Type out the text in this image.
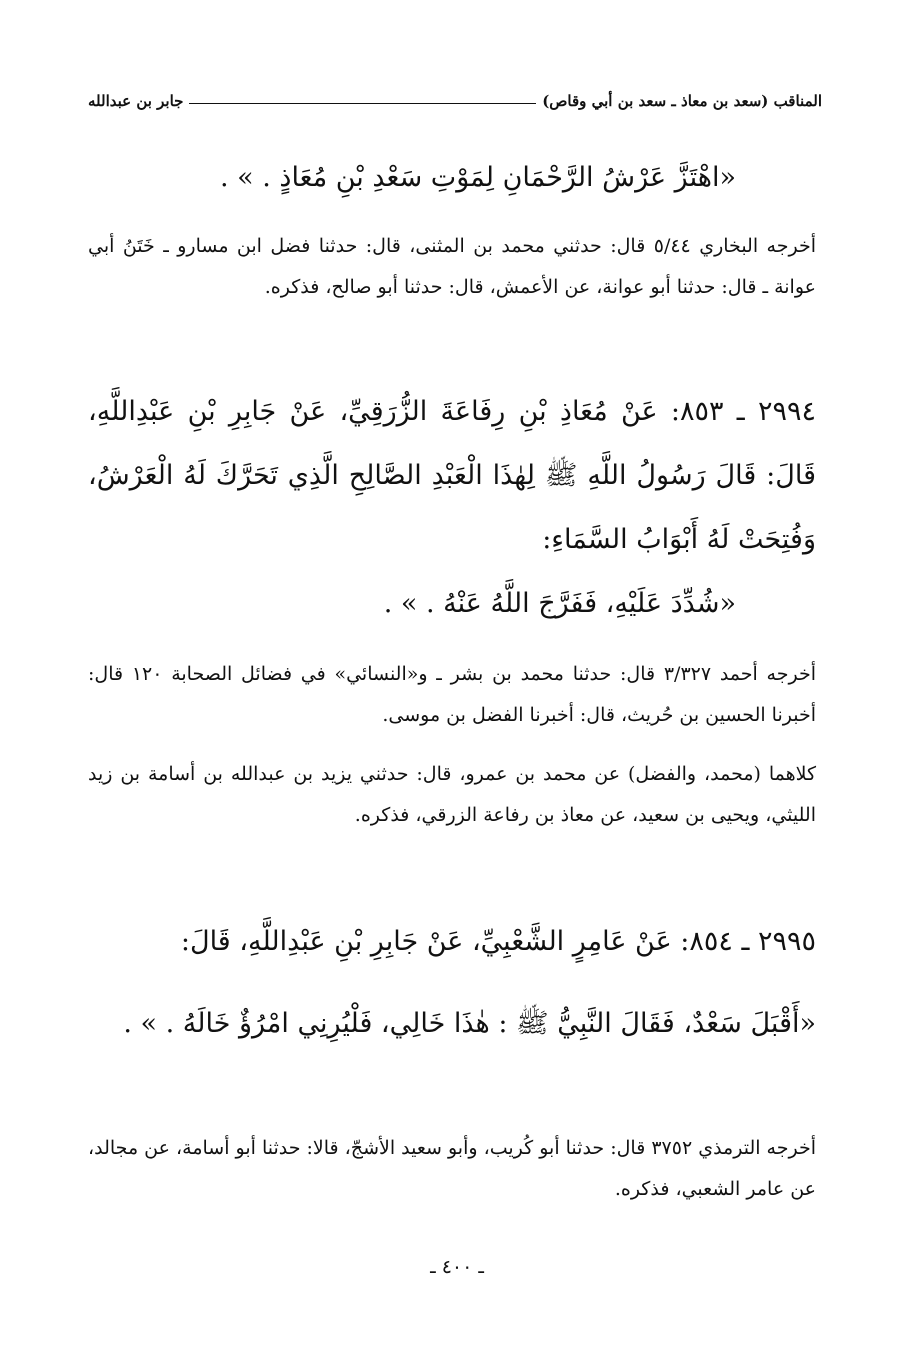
المناقب (سعد بن معاذ ـ سعد بن أبي وقاص)
جابر بن عبدالله
«اهْتَزَّ عَرْشُ الرَّحْمَانِ لِمَوْتِ سَعْدِ بْنِ مُعَاذٍ . » .
أخرجه البخاري ٥/٤٤ قال: حدثني محمد بن المثنى، قال: حدثنا فضل ابن مسارو ـ خَتَنُ أبي عوانة ـ قال: حدثنا أبو عوانة، عن الأعمش، قال: حدثنا أبو صالح، فذكره.
٢٩٩٤ ـ ٨٥٣: عَنْ مُعَاذِ بْنِ رِفَاعَةَ الزُّرَقِيِّ، عَنْ جَابِرِ بْنِ عَبْدِاللَّهِ، قَالَ: قَالَ رَسُولُ اللَّهِ ﷺ لِهٰذَا الْعَبْدِ الصَّالِحِ الَّذِي تَحَرَّكَ لَهُ الْعَرْشُ، وَفُتِحَتْ لَهُ أَبْوَابُ السَّمَاءِ:
«شُدِّدَ عَلَيْهِ، فَفَرَّجَ اللَّهُ عَنْهُ . » .
أخرجه أحمد ٣/٣٢٧ قال: حدثنا محمد بن بشر ـ و«النسائي» في فضائل الصحابة ١٢٠ قال: أخبرنا الحسين بن حُريث، قال: أخبرنا الفضل بن موسى.
كلاهما (محمد، والفضل) عن محمد بن عمرو، قال: حدثني يزيد بن عبدالله بن أسامة بن زيد الليثي، ويحيى بن سعيد، عن معاذ بن رفاعة الزرقي، فذكره.
٢٩٩٥ ـ ٨٥٤: عَنْ عَامِرٍ الشَّعْبِيِّ، عَنْ جَابِرِ بْنِ عَبْدِاللَّهِ، قَالَ:
«أَقْبَلَ سَعْدٌ، فَقَالَ النَّبِيُّ ﷺ : هٰذَا خَالِي، فَلْيُرِنِي امْرُؤٌ خَالَهُ . » .
أخرجه الترمذي ٣٧٥٢ قال: حدثنا أبو كُريب، وأبو سعيد الأشجّ، قالا: حدثنا أبو أسامة، عن مجالد، عن عامر الشعبي، فذكره.
ـ ٤٠٠ ـ
